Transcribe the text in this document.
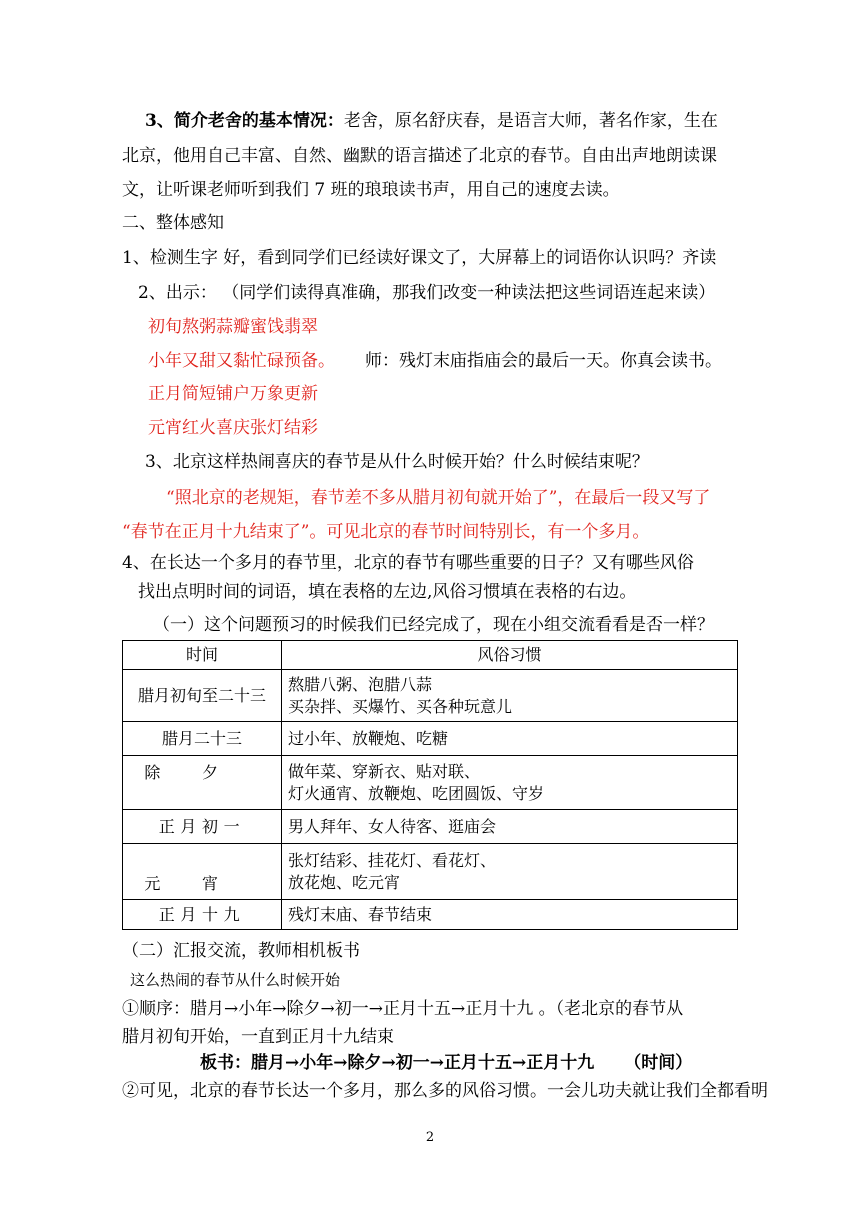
3、简介老舍的基本情况：老舍，原名舒庆春，是语言大师，著名作家，生在
北京，他用自己丰富、自然、幽默的语言描述了北京的春节。自由出声地朗读课
文，让听课老师听到我们 7 班的琅琅读书声，用自己的速度去读。
二、整体感知
1、检测生字 好，看到同学们已经读好课文了，大屏幕上的词语你认识吗？齐读
2、出示： （同学们读得真准确，那我们改变一种读法把这些词语连起来读）
初旬熬粥蒜瓣蜜饯翡翠
小年又甜又黏忙碌预备。 师：残灯末庙指庙会的最后一天。你真会读书。
正月简短铺户万象更新
元宵红火喜庆张灯结彩
3、北京这样热闹喜庆的春节是从什么时候开始？什么时候结束呢？
“照北京的老规矩，春节差不多从腊月初旬就开始了”，在最后一段又写了
“春节在正月十九结束了”。可见北京的春节时间特别长，有一个多月。
4、在长达一个多月的春节里，北京的春节有哪些重要的日子？又有哪些风俗
找出点明时间的词语，填在表格的左边,风俗习惯填在表格的右边。
（一）这个问题预习的时候我们已经完成了，现在小组交流看看是否一样？
时间	风俗习惯
腊月初旬至二十三	熬腊八粥、泡腊八蒜
买杂拌、买爆竹、买各种玩意儿

腊月二十三	过小年、放鞭炮、吃糖
除夕	做年菜、穿新衣、贴对联、
灯火通宵、放鞭炮、吃团圆饭、守岁

正月初一	男人拜年、女人待客、逛庙会
元宵	张灯结彩、挂花灯、看花灯、
放花炮、吃元宵

正月十九	残灯末庙、春节结束
（二）汇报交流，教师相机板书
这么热闹的春节从什么时候开始
①顺序：腊月→小年→除夕→初一→正月十五→正月十九 。（老北京的春节从
腊月初旬开始，一直到正月十九结束
板书：腊月→小年→除夕→初一→正月十五→正月十九 （时间）
②可见，北京的春节长达一个多月，那么多的风俗习惯。一会儿功夫就让我们全都看明
2
